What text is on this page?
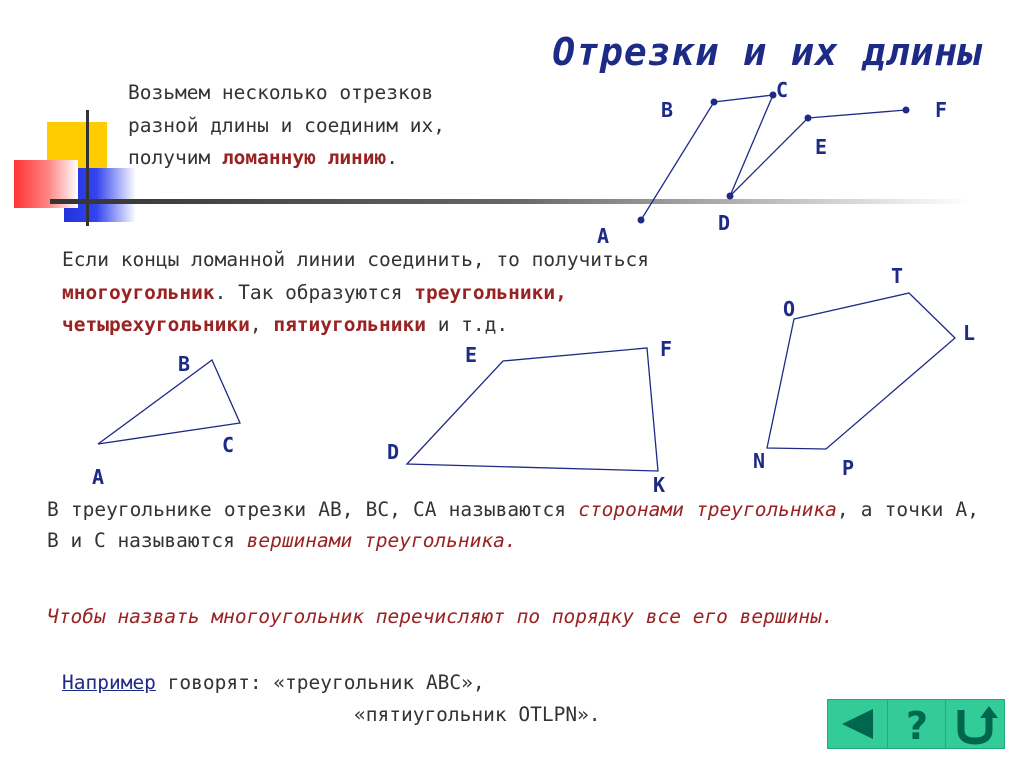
Отрезки и их длины
Возьмем несколько отрезков
разной длины и соединим их,
получим ломанную линию.
Если концы ломанной линии соединить, то получиться
многоугольник. Так образуются треугольники,
четырехугольники, пятиугольники и т.д.
A
B
C
D
E
F
A
B
C	D
E	F
K
O
T
L
P
N
В треугольнике отрезки АВ, ВС, СА называются сторонами треугольника, а точки А, В и С называются вершинами треугольника.
Чтобы назвать многоугольник перечисляют по порядку все его вершины.
Например говорят: «треугольник АВС»,
«пятиугольник OTLPN».	?
